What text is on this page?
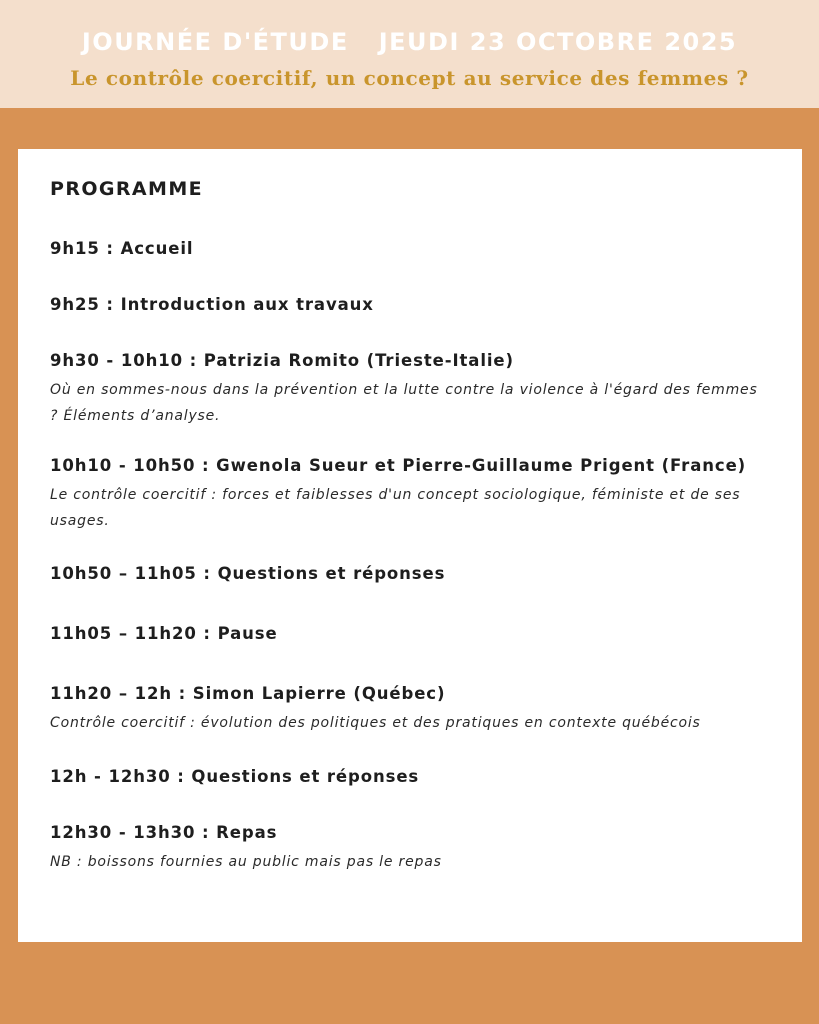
JOURNÉE D'ÉTUDE JEUDI 23 OCTOBRE 2025
Le contrôle coercitif, un concept au service des femmes ?
PROGRAMME
9h15 : Accueil
9h25 : Introduction aux travaux
9h30 - 10h10 : Patrizia Romito (Trieste-Italie)
Où en sommes-nous dans la prévention et la lutte contre la violence à l'égard des femmes ? Éléments d’analyse.
10h10 - 10h50 : Gwenola Sueur et Pierre-Guillaume Prigent (France)
Le contrôle coercitif : forces et faiblesses d'un concept sociologique, féministe et de ses usages.
10h50 – 11h05 : Questions et réponses
11h05 – 11h20 : Pause
11h20 – 12h : Simon Lapierre (Québec)
Contrôle coercitif : évolution des politiques et des pratiques en contexte québécois
12h - 12h30 : Questions et réponses
12h30 - 13h30 : Repas
NB : boissons fournies au public mais pas le repas
